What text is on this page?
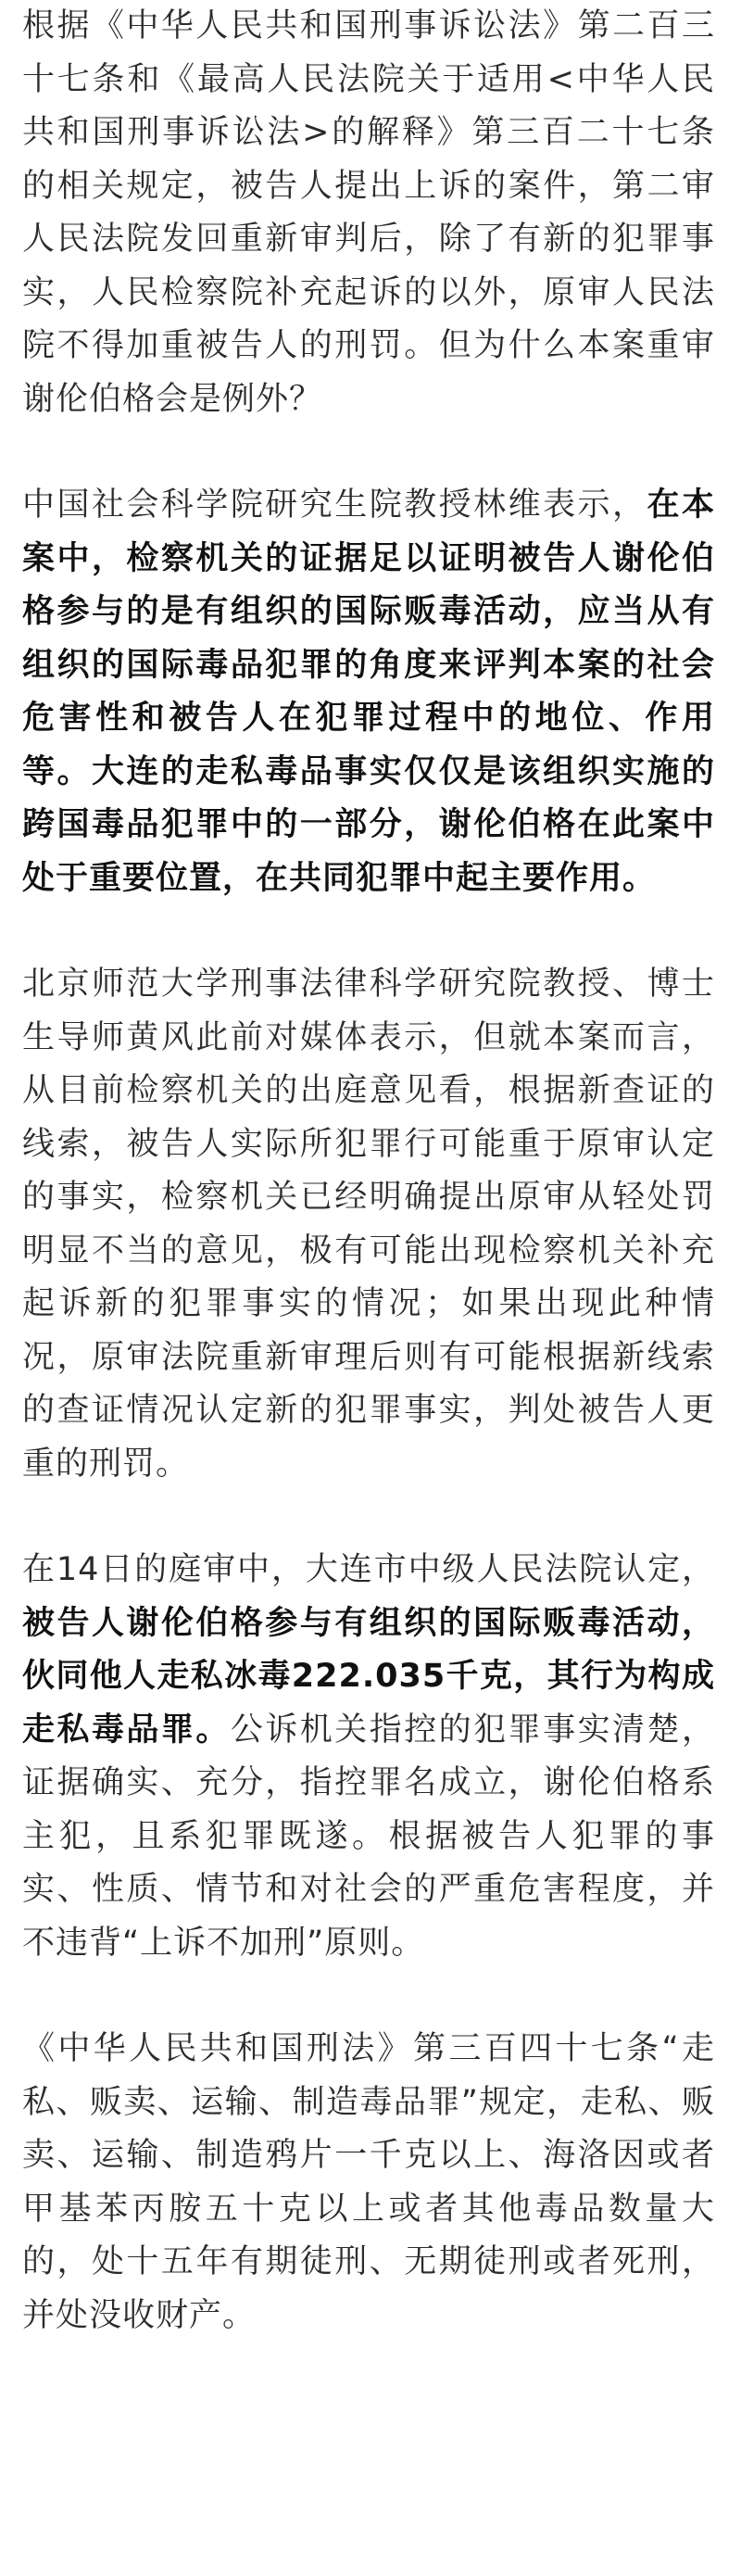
根据《中华人民共和国刑事诉讼法》第二百三十七条和《最高人民法院关于适用<中华人民共和国刑事诉讼法>的解释》第三百二十七条的相关规定，被告人提出上诉的案件，第二审人民法院发回重新审判后，除了有新的犯罪事实，人民检察院补充起诉的以外，原审人民法院不得加重被告人的刑罚。但为什么本案重审谢伦伯格会是例外？

中国社会科学院研究生院教授林维表示，在本案中，检察机关的证据足以证明被告人谢伦伯格参与的是有组织的国际贩毒活动，应当从有组织的国际毒品犯罪的角度来评判本案的社会危害性和被告人在犯罪过程中的地位、作用等。大连的走私毒品事实仅仅是该组织实施的跨国毒品犯罪中的一部分，谢伦伯格在此案中处于重要位置，在共同犯罪中起主要作用。

北京师范大学刑事法律科学研究院教授、博士生导师黄风此前对媒体表示，但就本案而言，从目前检察机关的出庭意见看，根据新查证的线索，被告人实际所犯罪行可能重于原审认定的事实，检察机关已经明确提出原审从轻处罚明显不当的意见，极有可能出现检察机关补充起诉新的犯罪事实的情况；如果出现此种情况，原审法院重新审理后则有可能根据新线索的查证情况认定新的犯罪事实，判处被告人更重的刑罚。

在14日的庭审中，大连市中级人民法院认定，被告人谢伦伯格参与有组织的国际贩毒活动，伙同他人走私冰毒222.035千克，其行为构成走私毒品罪。公诉机关指控的犯罪事实清楚，证据确实、充分，指控罪名成立，谢伦伯格系主犯，且系犯罪既遂。根据被告人犯罪的事实、性质、情节和对社会的严重危害程度，并不违背“上诉不加刑”原则。

《中华人民共和国刑法》第三百四十七条“走私、贩卖、运输、制造毒品罪”规定，走私、贩卖、运输、制造鸦片一千克以上、海洛因或者甲基苯丙胺五十克以上或者其他毒品数量大的，处十五年有期徒刑、无期徒刑或者死刑，并处没收财产。
